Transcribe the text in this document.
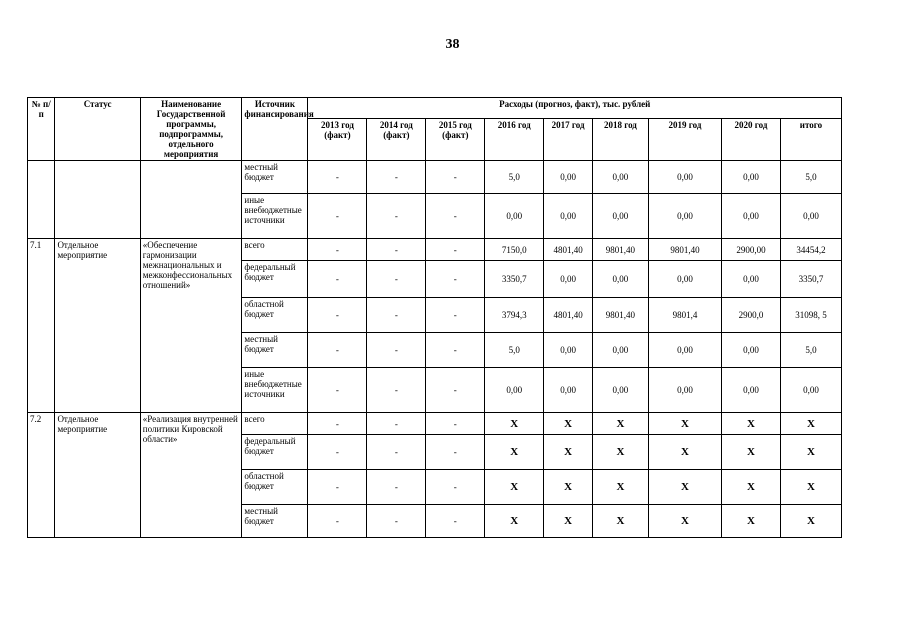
38
№ п/п	Статус	Наименование Государственной программы, подпрограммы, отдельного мероприятия	Источник финансирования	Расходы (прогноз, факт), тыс. рублей								
				2013 год (факт)	2014 год (факт)	2015 год (факт)	2016 год	2017 год	2018 год	2019 год	2020 год	итого
			местный бюджет	-	-	-	5,0	0,00	0,00	0,00	0,00	5,0
			иные внебюджетные источники	-	-	-	0,00	0,00	0,00	0,00	0,00	0,00
7.1	Отдельное мероприятие	«Обеспечение гармонизации межнациональных и межконфессиональных отношений»	всего	-	-	-	7150,0	4801,40	9801,40	9801,40	2900,00	34454,2
			федеральный бюджет	-	-	-	3350,7	0,00	0,00	0,00	0,00	3350,7
			областной бюджет	-	-	-	3794,3	4801,40	9801,40	9801,4	2900,0	31098, 5
			местный бюджет	-	-	-	5,0	0,00	0,00	0,00	0,00	5,0
			иные внебюджетные источники	-	-	-	0,00	0,00	0,00	0,00	0,00	0,00
7.2	Отдельное мероприятие	«Реализация внутренней политики Кировской области»	всего	-	-	-	X	X	X	X	X	X
			федеральный бюджет	-	-	-	X	X	X	X	X	X
			областной бюджет	-	-	-	X	X	X	X	X	X
			местный бюджет	-	-	-	X	X	X	X	X	X
